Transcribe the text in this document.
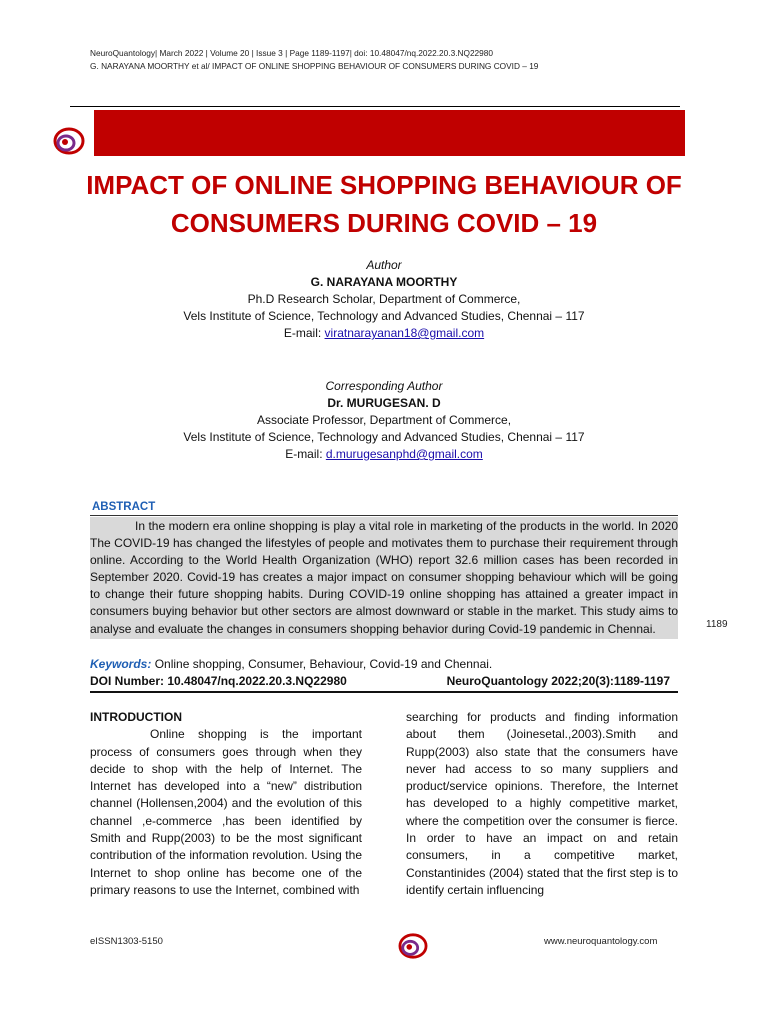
NeuroQuantology| March 2022 | Volume 20 | Issue 3 | Page 1189-1197| doi: 10.48047/nq.2022.20.3.NQ22980
G. NARAYANA MOORTHY et al/ IMPACT OF ONLINE SHOPPING BEHAVIOUR OF CONSUMERS DURING COVID – 19
IMPACT OF ONLINE SHOPPING BEHAVIOUR OF
CONSUMERS DURING COVID – 19
Author
G. NARAYANA MOORTHY
Ph.D Research Scholar, Department of Commerce,
Vels Institute of Science, Technology and Advanced Studies, Chennai – 117
E-mail: viratnarayanan18@gmail.com
Corresponding Author
Dr. MURUGESAN. D
Associate Professor, Department of Commerce,
Vels Institute of Science, Technology and Advanced Studies, Chennai – 117
E-mail: d.murugesanphd@gmail.com
ABSTRACT

In the modern era online shopping is play a vital role in marketing of the products in the world. In 2020 The COVID-19 has changed the lifestyles of people and motivates them to purchase their requirement through online. According to the World Health Organization (WHO) report 32.6 million cases has been recorded in September 2020. Covid-19 has creates a major impact on consumer shopping behaviour which will be going to change their future shopping habits. During COVID-19 online shopping has attained a greater impact in consumers buying behavior but other sectors are almost downward or stable in the market. This study aims to analyse and evaluate the changes in consumers shopping behavior during Covid-19 pandemic in Chennai.	1189
Keywords: Online shopping, Consumer, Behaviour, Covid-19 and Chennai.
DOI Number: 10.48047/nq.2022.20.3.NQ22980	NeuroQuantology 2022;20(3):1189-1197
INTRODUCTION

Online shopping is the important process of consumers goes through when they decide to shop with the help of Internet. The Internet has developed into a “new” distribution channel (Hollensen,2004) and the evolution of this channel ,e-commerce ,has been identified by Smith and Rupp(2003) to be the most significant contribution of the information revolution. Using the Internet to shop online has become one of the primary reasons to use the Internet, combined with

searching for products and finding information about them (Joinesetal.,2003).Smith and Rupp(2003) also state that the consumers have never had access to so many suppliers and product/service opinions. Therefore, the Internet has developed to a highly competitive market, where the competition over the consumer is fierce. In order to have an impact on and retain consumers, in a competitive market, Constantinides (2004) stated that the first step is to identify certain influencing

eISSN1303-5150	www.neuroquantology.com
